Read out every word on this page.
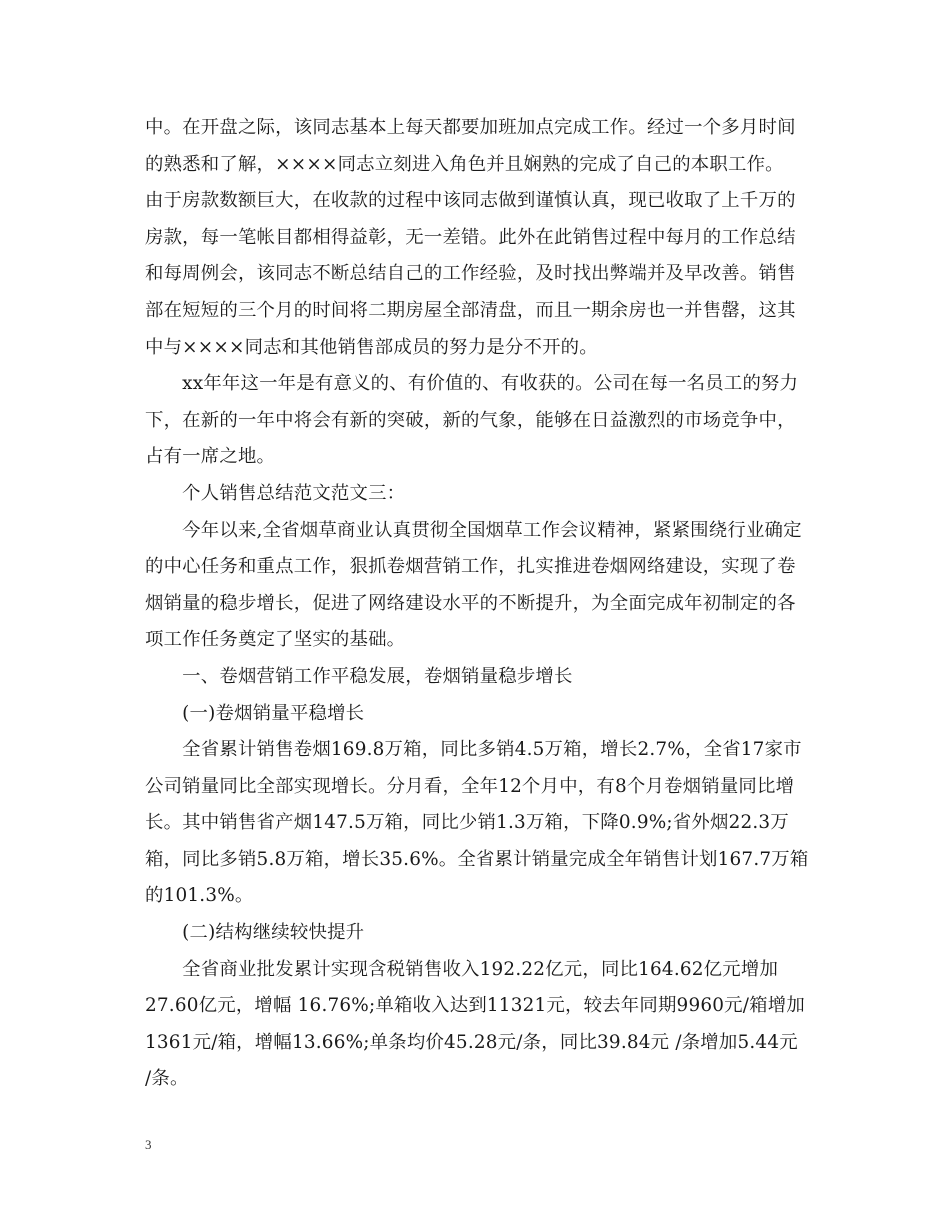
中。在开盘之际，该同志基本上每天都要加班加点完成工作。经过一个多月时间
的熟悉和了解，××××同志立刻进入角色并且娴熟的完成了自己的本职工作。
由于房款数额巨大，在收款的过程中该同志做到谨慎认真，现已收取了上千万的
房款，每一笔帐目都相得益彰，无一差错。此外在此销售过程中每月的工作总结
和每周例会，该同志不断总结自己的工作经验，及时找出弊端并及早改善。销售
部在短短的三个月的时间将二期房屋全部清盘，而且一期余房也一并售罄，这其
中与××××同志和其他销售部成员的努力是分不开的。
　　xx年年这一年是有意义的、有价值的、有收获的。公司在每一名员工的努力
下，在新的一年中将会有新的突破，新的气象，能够在日益激烈的市场竞争中，
占有一席之地。
　　个人销售总结范文范文三：
　　今年以来,全省烟草商业认真贯彻全国烟草工作会议精神，紧紧围绕行业确定
的中心任务和重点工作，狠抓卷烟营销工作，扎实推进卷烟网络建设，实现了卷
烟销量的稳步增长，促进了网络建设水平的不断提升，为全面完成年初制定的各
项工作任务奠定了坚实的基础。
　　一、卷烟营销工作平稳发展，卷烟销量稳步增长
　　(一)卷烟销量平稳增长
　　全省累计销售卷烟169.8万箱，同比多销4.5万箱，增长2.7%，全省17家市
公司销量同比全部实现增长。分月看，全年12个月中，有8个月卷烟销量同比增
长。其中销售省产烟147.5万箱，同比少销1.3万箱，下降0.9%;省外烟22.3万
箱，同比多销5.8万箱，增长35.6%。全省累计销量完成全年销售计划167.7万箱
的101.3%。
　　(二)结构继续较快提升
　　全省商业批发累计实现含税销售收入192.22亿元，同比164.62亿元增加
27.60亿元，增幅 16.76%;单箱收入达到11321元，较去年同期9960元/箱增加
1361元/箱，增幅13.66%;单条均价45.28元/条，同比39.84元 /条增加5.44元
/条。
3
